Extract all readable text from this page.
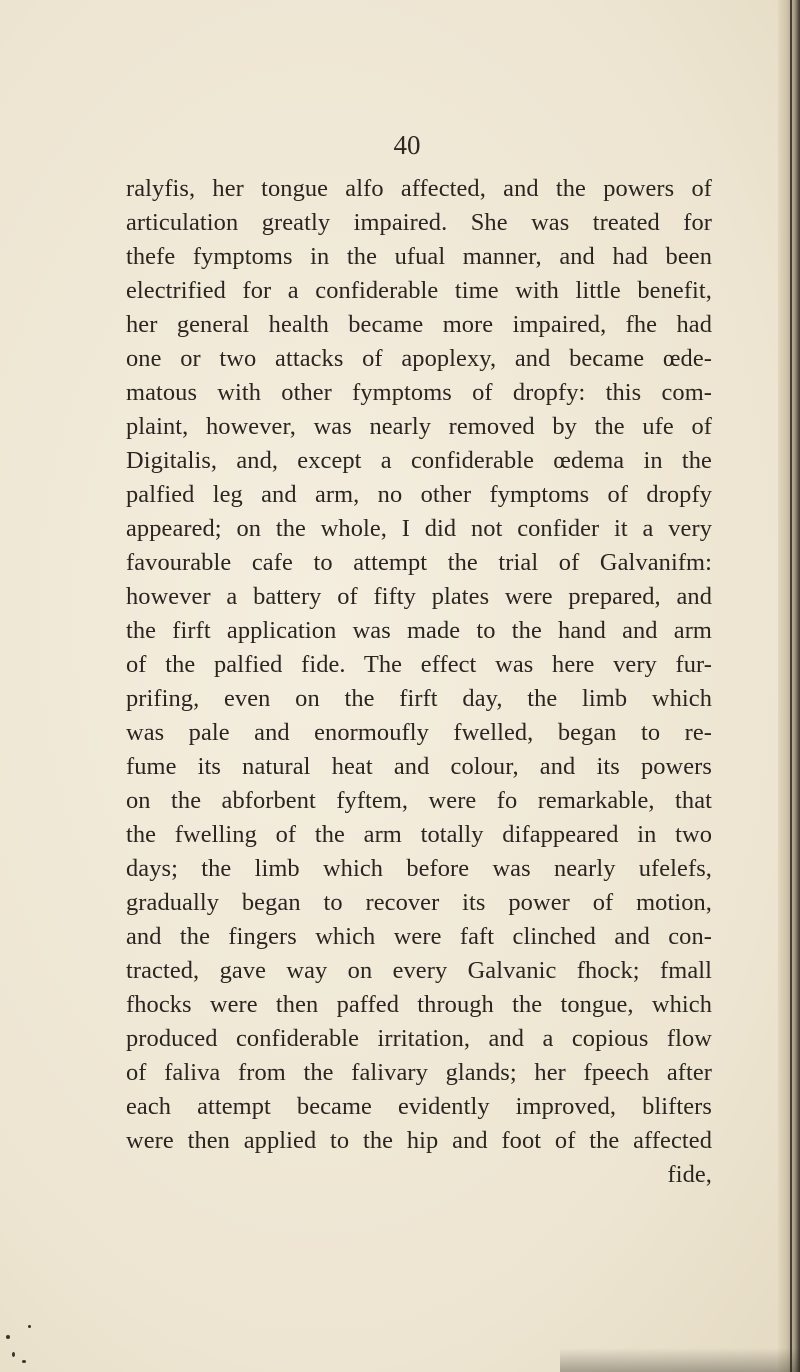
40
ralyfis, her tongue alfo affected, and the powers of
articulation greatly impaired. She was treated for
thefe fymptoms in the ufual manner, and had been
electrified for a confiderable time with little benefit,
her general health became more impaired, fhe had
one or two attacks of apoplexy, and became œde-
matous with other fymptoms of dropfy: this com-
plaint, however, was nearly removed by the ufe of
Digitalis, and, except a confiderable œdema in the
palfied leg and arm, no other fymptoms of dropfy
appeared; on the whole, I did not confider it a very
favourable cafe to attempt the trial of Galvanifm:
however a battery of fifty plates were prepared, and
the firft application was made to the hand and arm
of the palfied fide. The effect was here very fur-
prifing, even on the firft day, the limb which
was pale and enormoufly fwelled, began to re-
fume its natural heat and colour, and its powers
on the abforbent fyftem, were fo remarkable, that
the fwelling of the arm totally difappeared in two
days; the limb which before was nearly ufelefs,
gradually began to recover its power of motion,
and the fingers which were faft clinched and con-
tracted, gave way on every Galvanic fhock; fmall
fhocks were then paffed through the tongue, which
produced confiderable irritation, and a copious flow
of faliva from the falivary glands; her fpeech after
each attempt became evidently improved, blifters
were then applied to the hip and foot of the affected
fide,
